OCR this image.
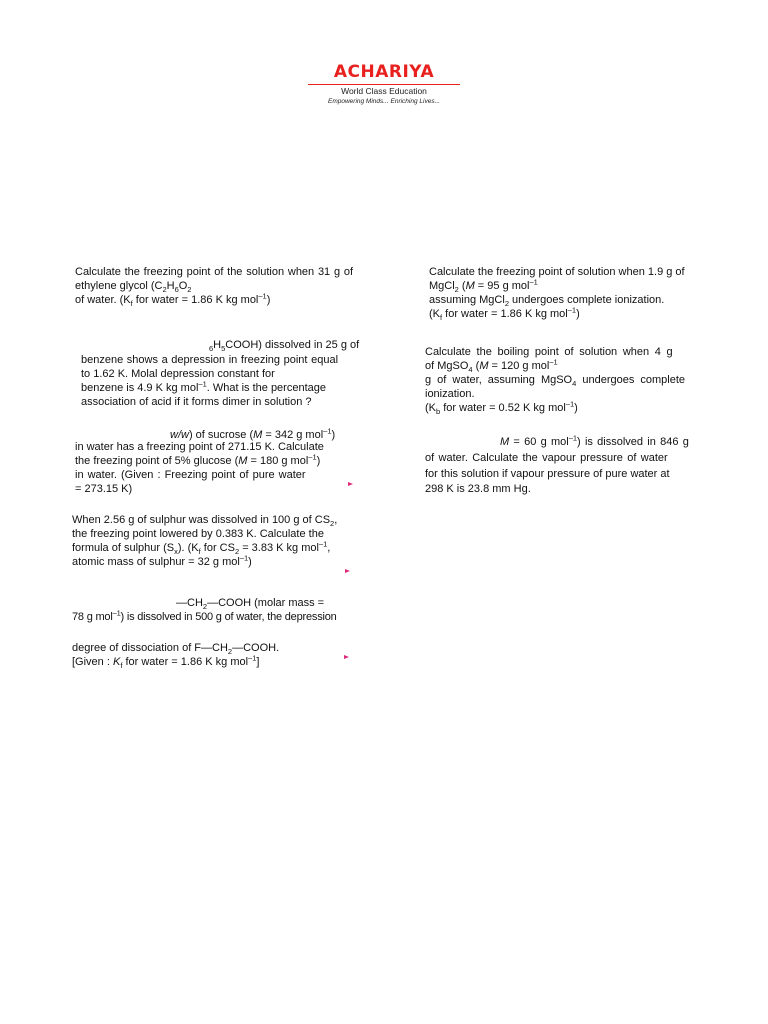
ACHARIYA
World Class Education
Empowering Minds... Enriching Lives...
Calculate the freezing point of the solution when 31 g of ethylene glycol ($C_2H_6O_2$

of water. ($K_f$ for water = 1.86 K kg mol$^{-1}$)
$_6H_5COOH$) dissolved in 25 g of
benzene shows a depression in freezing point equal to 1.62 K. Molal depression constant for
benzene is 4.9 K kg mol$^{-1}$. What is the percentage
association of acid if it forms dimer in solution ?
w/w) of sucrose (M = 342 g mol$^{-1}$)
in water has a freezing point of 271.15 K. Calculate
the freezing point of 5% glucose (M = 180 g mol$^{-1}$)
in water. (Given : Freezing point of pure water
= 273.15 K)
When 2.56 g of sulphur was dissolved in 100 g of $CS_2$,
the freezing point lowered by 0.383 K. Calculate the
formula of sulphur $(S_x)$. ($K_f$ for $CS_2 = 3.83$ K kg mol$^{-1}$,
atomic mass of sulphur = 32 g mol$^{-1}$)
$—CH_2—COOH$ (molar mass =
78 g mol$^{-1}$) is dissolved in 500 g of water, the depression
degree of dissociation of $F—CH_2—COOH$.
[Given : $K_f$ for water = 1.86 K kg mol$^{-1}$]
Calculate the freezing point of solution when 1.9 g of
MgCl$_2$ (M = 95 g mol$^{-1}$
assuming MgCl$_2$ undergoes complete ionization.
($K_f$ for water = 1.86 K kg mol$^{-1}$)
Calculate the boiling point of solution when 4 g
of MgSO$_4$ (M = 120 g mol$^{-1}$
g of water, assuming MgSO$_4$ undergoes complete
ionization.
($K_b$ for water = 0.52 K kg mol$^{-1}$)
M = 60 g mol$^{-1}$) is dissolved in 846 g
of water. Calculate the vapour pressure of water
for this solution if vapour pressure of pure water at
298 K is 23.8 mm Hg.
